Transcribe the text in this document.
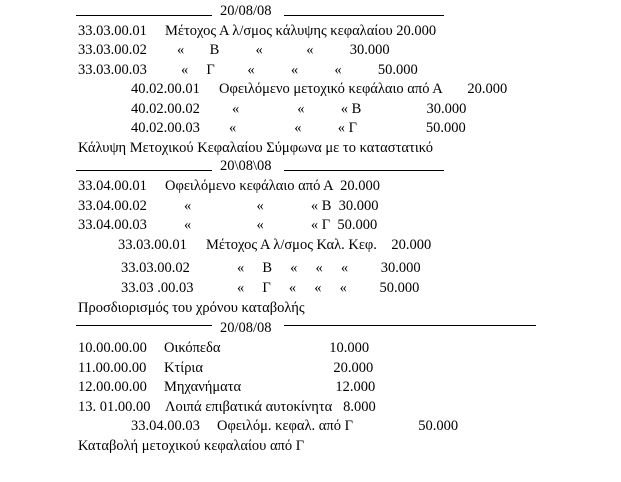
20/08/08
33.03.00.01 Μέτοχος Α λ/σμος κάλυψης κεφαλαίου 20.000
33.03.00.02 «       Β          «            «          30.000
33.03.00.03 «     Γ         «          «          «          50.000
40.02.00.01 Οφειλόμενο μετοχικό κεφάλαιο από Α       20.000
40.02.00.02 «                «          « Β                  30.000
40.02.00.03 «                «          « Γ                   50.000
Κάλυψη Μετοχικού Κεφαλαίου Σύμφωνα με το καταστατικό
20\08\08
33.04.00.01 Οφειλόμενο κεφάλαιο από Α  20.000
33.04.00.02	«                  «             « Β  30.000
33.04.00.03	«                  «             « Γ  50.000
33.03.00.01 Μέτοχος Α λ/σμος Καλ. Κεφ.    20.000
33.03.00.02	«     Β     «     «     «         30.000
33.03 .00.03	«     Γ     «     «     «         50.000
Προσδιορισμός του χρόνου καταβολής
20/08/08
10.00.00.00 Οικόπεδα                              10.000
11.00.00.00 Κτίρια                                    20.000
12.00.00.00 Μηχανήματα                          12.000
13. 01.00.00 Λοιπά επιβατικά αυτοκίνητα   8.000
33.04.00.03 Οφειλόμ. κεφαλ. από Γ                  50.000
Καταβολή μετοχικού κεφαλαίου από Γ
